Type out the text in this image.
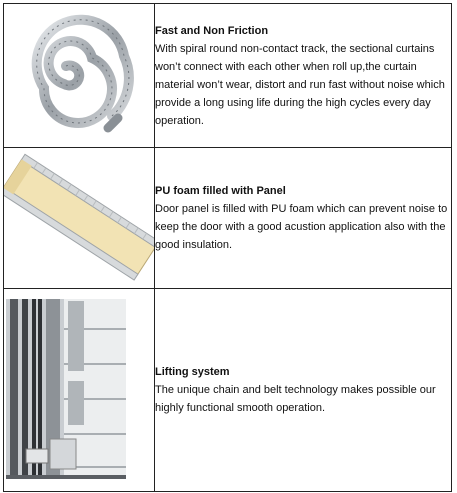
Fast and Non Friction
With spiral round non-contact track, the sectional curtains won’t connect with each other when roll up,the curtain material won’t wear, distort and run fast without noise which provide a long using life during the high cycles every day operation.

PU foam filled with Panel
Door panel is filled with PU foam which can prevent noise to keep the door with a good acustion application also with the good insulation.

Lifting system
The unique chain and belt technology makes possible our highly functional smooth operation.
